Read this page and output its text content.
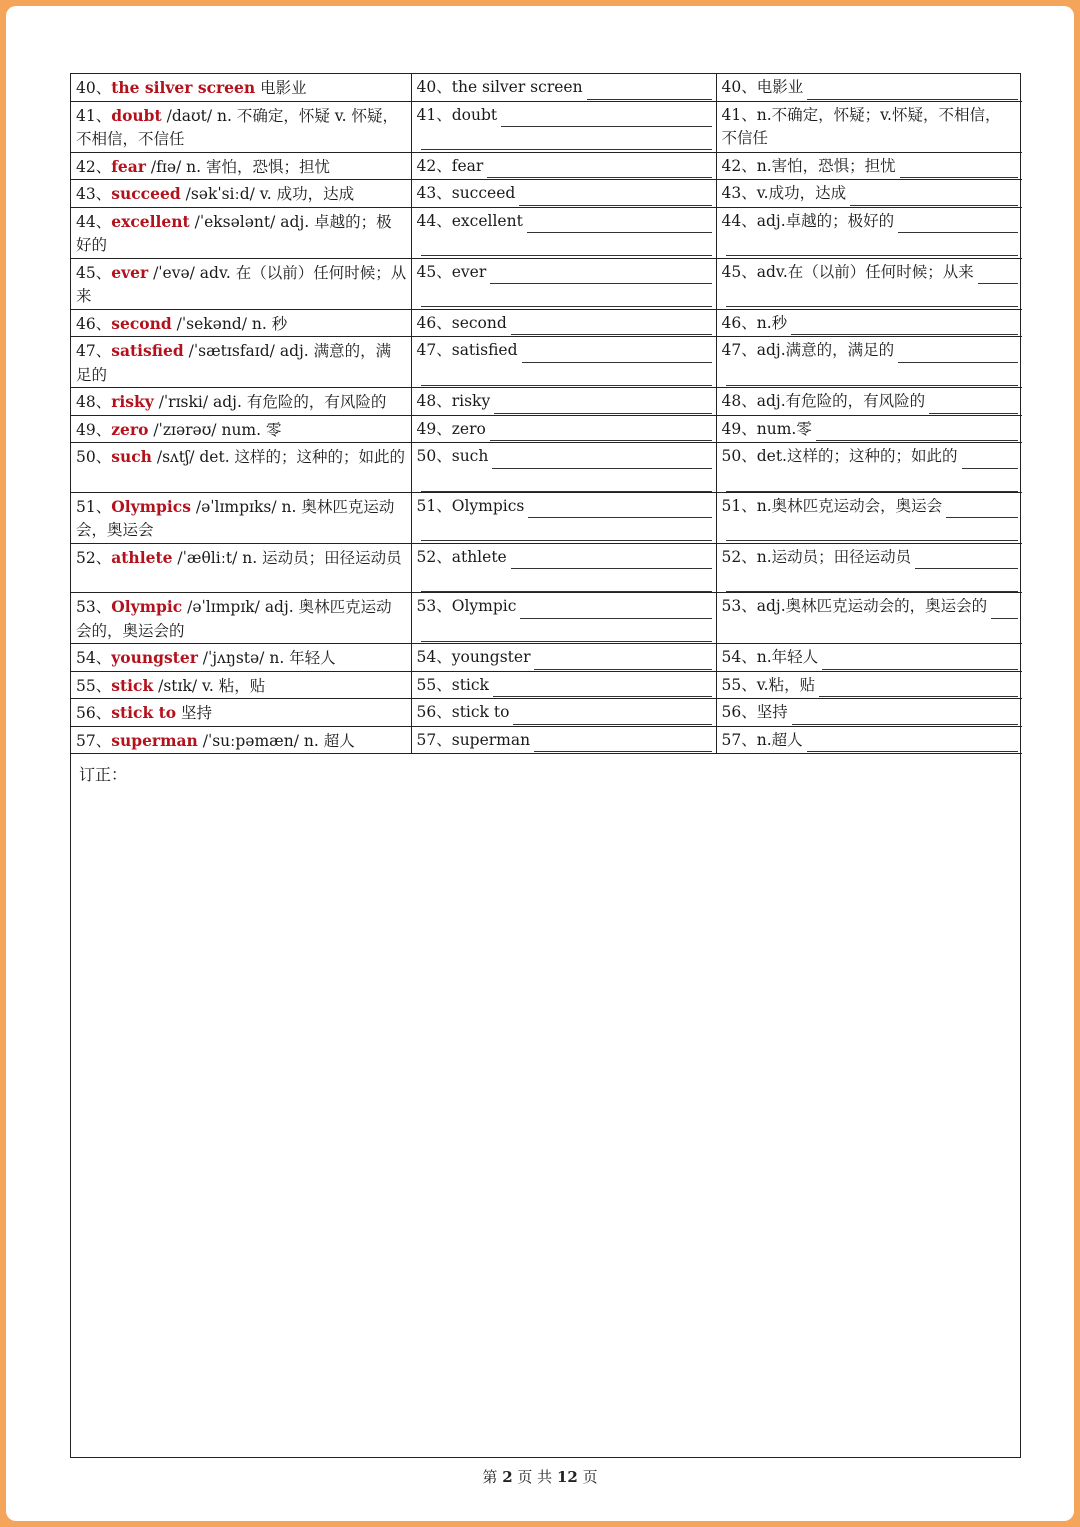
40、the silver screen 电影业	40、the silver screen	40、电影业

41、doubt /daʊt/ n. 不确定，怀疑 v. 怀疑，不相信，不信任	41、doubt	41、n.不确定，怀疑；v.怀疑，不相信，不信任

42、fear /fɪə/ n. 害怕，恐惧；担忧	42、fear	42、n.害怕，恐惧；担忧

43、succeed /səkˈsiːd/ v. 成功，达成	43、succeed	43、v.成功，达成

44、excellent /ˈeksələnt/ adj. 卓越的；极好的	44、excellent	44、adj.卓越的；极好的

45、ever /ˈevə/ adv. 在（以前）任何时候；从来	45、ever	45、adv.在（以前）任何时候；从来

46、second /ˈsekənd/ n. 秒	46、second	46、n.秒

47、satisfied /ˈsætɪsfaɪd/ adj. 满意的，满足的	47、satisfied	47、adj.满意的，满足的

48、risky /ˈrɪski/ adj. 有危险的，有风险的	48、risky	48、adj.有危险的，有风险的

49、zero /ˈzɪərəʊ/ num. 零	49、zero	49、num.零

50、such /sʌtʃ/ det. 这样的；这种的；如此的	50、such	50、det.这样的；这种的；如此的

51、Olympics /əˈlɪmpɪks/ n. 奥林匹克运动会，奥运会	51、Olympics	51、n.奥林匹克运动会，奥运会

52、athlete /ˈæθliːt/ n. 运动员；田径运动员	52、athlete	52、n.运动员；田径运动员

53、Olympic /əˈlɪmpɪk/ adj. 奥林匹克运动会的，奥运会的	53、Olympic	53、adj.奥林匹克运动会的，奥运会的

54、youngster /ˈjʌŋstə/ n. 年轻人	54、youngster	54、n.年轻人

55、stick /stɪk/ v. 粘，贴	55、stick	55、v.粘，贴

56、stick to 坚持	56、stick to	56、坚持

57、superman /ˈsuːpəmæn/ n. 超人	57、superman	57、n.超人
订正：
第 2 页 共 12 页
